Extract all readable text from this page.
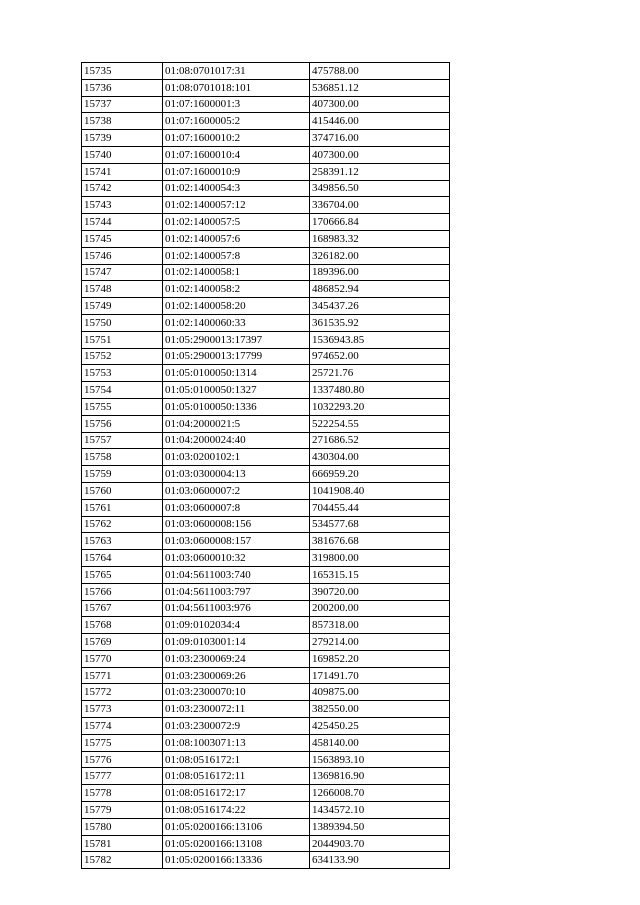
15735	01:08:0701017:31	475788.00
15736	01:08:0701018:101	536851.12
15737	01:07:1600001:3	407300.00
15738	01:07:1600005:2	415446.00
15739	01:07:1600010:2	374716.00
15740	01:07:1600010:4	407300.00
15741	01:07:1600010:9	258391.12
15742	01:02:1400054:3	349856.50
15743	01:02:1400057:12	336704.00
15744	01:02:1400057:5	170666.84
15745	01:02:1400057:6	168983.32
15746	01:02:1400057:8	326182.00
15747	01:02:1400058:1	189396.00
15748	01:02:1400058:2	486852.94
15749	01:02:1400058:20	345437.26
15750	01:02:1400060:33	361535.92
15751	01:05:2900013:17397	1536943.85
15752	01:05:2900013:17799	974652.00
15753	01:05:0100050:1314	25721.76
15754	01:05:0100050:1327	1337480.80
15755	01:05:0100050:1336	1032293.20
15756	01:04:2000021:5	522254.55
15757	01:04:2000024:40	271686.52
15758	01:03:0200102:1	430304.00
15759	01:03:0300004:13	666959.20
15760	01:03:0600007:2	1041908.40
15761	01:03:0600007:8	704455.44
15762	01:03:0600008:156	534577.68
15763	01:03:0600008:157	381676.68
15764	01:03:0600010:32	319800.00
15765	01:04:5611003:740	165315.15
15766	01:04:5611003:797	390720.00
15767	01:04:5611003:976	200200.00
15768	01:09:0102034:4	857318.00
15769	01:09:0103001:14	279214.00
15770	01:03:2300069:24	169852.20
15771	01:03:2300069:26	171491.70
15772	01:03:2300070:10	409875.00
15773	01:03:2300072:11	382550.00
15774	01:03:2300072:9	425450.25
15775	01:08:1003071:13	458140.00
15776	01:08:0516172:1	1563893.10
15777	01:08:0516172:11	1369816.90
15778	01:08:0516172:17	1266008.70
15779	01:08:0516174:22	1434572.10
15780	01:05:0200166:13106	1389394.50
15781	01:05:0200166:13108	2044903.70
15782	01:05:0200166:13336	634133.90
